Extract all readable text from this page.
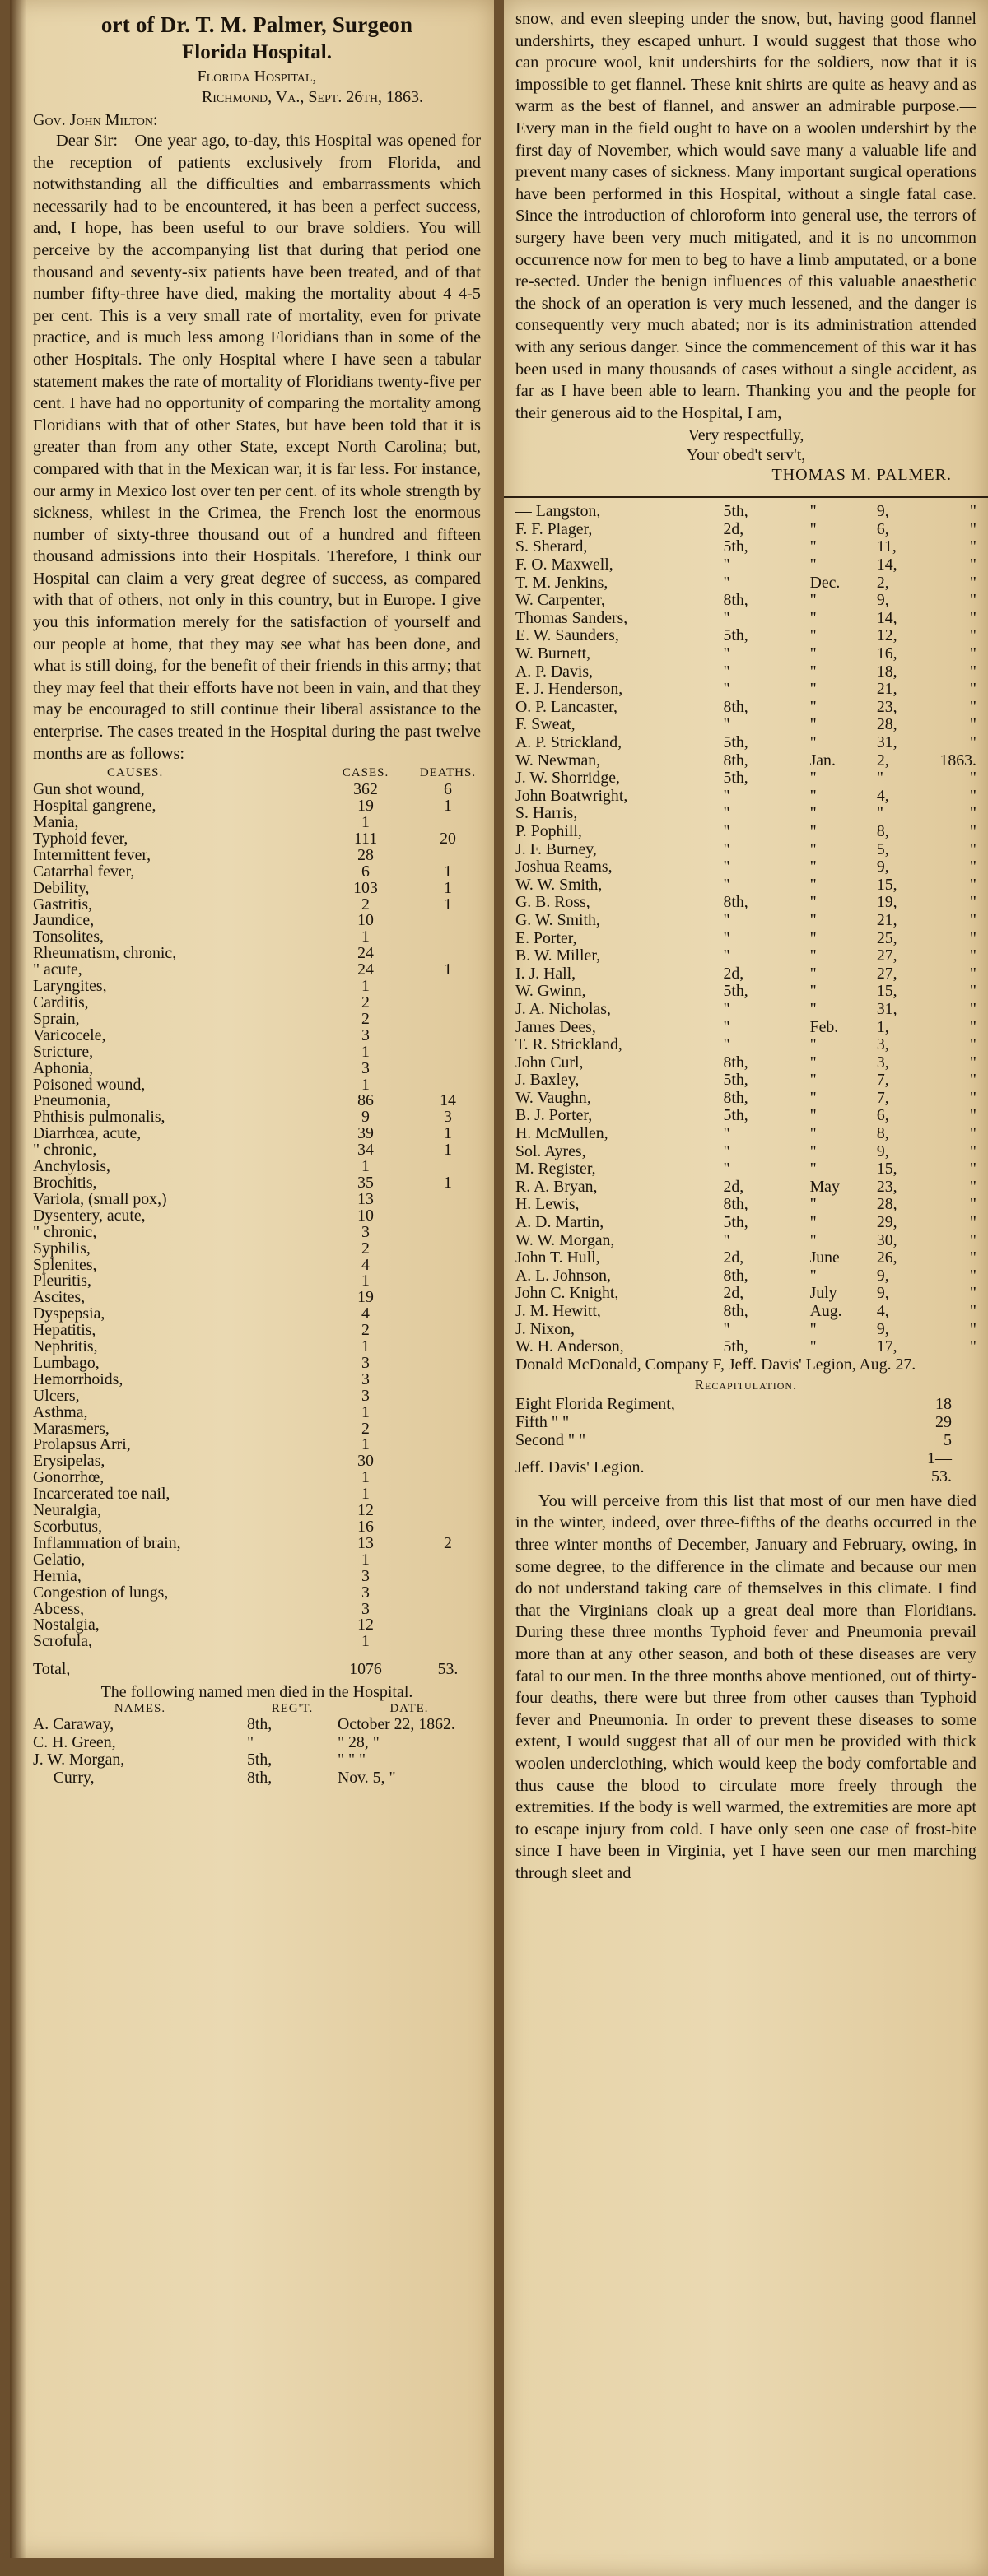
ort of Dr. T. M. Palmer, Surgeon
Florida Hospital.
Florida Hospital,
Richmond, Va., Sept. 26th, 1863.
Gov. John Milton:

Dear Sir:—One year ago, to-day, this Hospital was opened for the reception of patients exclusively from Florida, and notwithstanding all the difficulties and embarrassments which necessarily had to be encountered, it has been a perfect success, and, I hope, has been useful to our brave soldiers. You will perceive by the accompanying list that during that period one thousand and seventy-six patients have been treated, and of that number fifty-three have died, making the mortality about 4 4-5 per cent. This is a very small rate of mortality, even for private practice, and is much less among Floridians than in some of the other Hospitals. The only Hospital where I have seen a tabular statement makes the rate of mortality of Floridians twenty-five per cent. I have had no opportunity of comparing the mortality among Floridians with that of other States, but have been told that it is greater than from any other State, except North Carolina; but, compared with that in the Mexican war, it is far less. For instance, our army in Mexico lost over ten per cent. of its whole strength by sickness, whilest in the Crimea, the French lost the enormous number of sixty-three thousand out of a hundred and fifteen thousand admissions into their Hospitals. Therefore, I think our Hospital can claim a very great degree of success, as compared with that of others, not only in this country, but in Europe. I give you this information merely for the satisfaction of yourself and our people at home, that they may see what has been done, and what is still doing, for the benefit of their friends in this army; that they may feel that their efforts have not been in vain, and that they may be encouraged to still continue their liberal assistance to the enterprise. The cases treated in the Hospital during the past twelve months are as follows:

CAUSES.	CASES.	DEATHS.
Gun shot wound,	362	6
Hospital gangrene,	19	1
Mania,	1	
Typhoid fever,	111	20
Intermittent fever,	28	
Catarrhal fever,	6	1
Debility,	103	1
Gastritis,	2	1
Jaundice,	10	
Tonsolites,	1	
Rheumatism, chronic,	24	
" acute,	24	1
Laryngites,	1	
Carditis,	2	
Sprain,	2	
Varicocele,	3	
Stricture,	1	
Aphonia,	3	
Poisoned wound,	1	
Pneumonia,	86	14
Phthisis pulmonalis,	9	3
Diarrhœa, acute,	39	1
" chronic,	34	1
Anchylosis,	1	
Brochitis,	35	1
Variola, (small pox,)	13	
Dysentery, acute,	10	
" chronic,	3	
Syphilis,	2	
Splenites,	4	
Pleuritis,	1	
Ascites,	19	
Dyspepsia,	4	
Hepatitis,	2	
Nephritis,	1	
Lumbago,	3	
Hemorrhoids,	3	
Ulcers,	3	
Asthma,	1	
Marasmers,	2	
Prolapsus Arri,	1	
Erysipelas,	30	
Gonorrhœ,	1	
Incarcerated toe nail,	1	
Neuralgia,	12	
Scorbutus,	16	
Inflammation of brain,	13	2
Gelatio,	1	
Hernia,	3	
Congestion of lungs,	3	
Abcess,	3	
Nostalgia,	12	
Scrofula,	1	
Total,	1076	53.
The following named men died in the Hospital.
NAMES.	REG'T.	DATE.
A. Caraway,	8th,	October 22, 1862.
C. H. Green,	"	" 28, "
J. W. Morgan,	5th,	" " "
— Curry,	8th,	Nov. 5, "

snow, and even sleeping under the snow, but, having good flannel undershirts, they escaped unhurt. I would suggest that those who can procure wool, knit undershirts for the soldiers, now that it is impossible to get flannel. These knit shirts are quite as heavy and as warm as the best of flannel, and answer an admirable purpose.—Every man in the field ought to have on a woolen undershirt by the first day of November, which would save many a valuable life and prevent many cases of sickness. Many important surgical operations have been performed in this Hospital, without a single fatal case. Since the introduction of chloroform into general use, the terrors of surgery have been very much mitigated, and it is no uncommon occurrence now for men to beg to have a limb amputated, or a bone re-sected. Under the benign influences of this valuable anaesthetic the shock of an operation is very much lessened, and the danger is consequently very much abated; nor is its administration attended with any serious danger. Since the commencement of this war it has been used in many thousands of cases without a single accident, as far as I have been able to learn. Thanking you and the people for their generous aid to the Hospital, I am,

Very respectfully,
Your obed't serv't,
THOMAS M. PALMER.
— Langston,	5th,	"	9,	"
F. F. Plager,	2d,	"	6,	"
S. Sherard,	5th,	"	11,	"
F. O. Maxwell,	"	"	14,	"
T. M. Jenkins,	"	Dec.	2,	"
W. Carpenter,	8th,	"	9,	"
Thomas Sanders,	"	"	14,	"
E. W. Saunders,	5th,	"	12,	"
W. Burnett,	"	"	16,	"
A. P. Davis,	"	"	18,	"
E. J. Henderson,	"	"	21,	"
O. P. Lancaster,	8th,	"	23,	"
F. Sweat,	"	"	28,	"
A. P. Strickland,	5th,	"	31,	"
W. Newman,	8th,	Jan.	2,	1863.
J. W. Shorridge,	5th,	"	"	"
John Boatwright,	"	"	4,	"
S. Harris,	"	"	"	"
P. Pophill,	"	"	8,	"
J. F. Burney,	"	"	5,	"
Joshua Reams,	"	"	9,	"
W. W. Smith,	"	"	15,	"
G. B. Ross,	8th,	"	19,	"
G. W. Smith,	"	"	21,	"
E. Porter,	"	"	25,	"
B. W. Miller,	"	"	27,	"
I. J. Hall,	2d,	"	27,	"
W. Gwinn,	5th,	"	15,	"
J. A. Nicholas,	"	"	31,	"
James Dees,	"	Feb.	1,	"
T. R. Strickland,	"	"	3,	"
John Curl,	8th,	"	3,	"
J. Baxley,	5th,	"	7,	"
W. Vaughn,	8th,	"	7,	"
B. J. Porter,	5th,	"	6,	"
H. McMullen,	"	"	8,	"
Sol. Ayres,	"	"	9,	"
M. Register,	"	"	15,	"
R. A. Bryan,	2d,	May	23,	"
H. Lewis,	8th,	"	28,	"
A. D. Martin,	5th,	"	29,	"
W. W. Morgan,	"	"	30,	"
John T. Hull,	2d,	June	26,	"
A. L. Johnson,	8th,	"	9,	"
John C. Knight,	2d,	July	9,	"
J. M. Hewitt,	8th,	Aug.	4,	"
J. Nixon,	"	"	9,	"
W. H. Anderson,	5th,	"	17,	"

Donald McDonald, Company F, Jeff. Davis' Legion, Aug. 27.

Recapitulation.
Eight Florida Regiment,	18
Fifth " "	29
Second " "	5
Jeff. Davis' Legion.	1—53.

You will perceive from this list that most of our men have died in the winter, indeed, over three-fifths of the deaths occurred in the three winter months of December, January and February, owing, in some degree, to the difference in the climate and because our men do not understand taking care of themselves in this climate. I find that the Virginians cloak up a great deal more than Floridians. During these three months Typhoid fever and Pneumonia prevail more than at any other season, and both of these diseases are very fatal to our men. In the three months above mentioned, out of thirty-four deaths, there were but three from other causes than Typhoid fever and Pneumonia. In order to prevent these diseases to some extent, I would suggest that all of our men be provided with thick woolen underclothing, which would keep the body comfortable and thus cause the blood to circulate more freely through the extremities. If the body is well warmed, the extremities are more apt to escape injury from cold. I have only seen one case of frost-bite since I have been in Virginia, yet I have seen our men marching through sleet and
